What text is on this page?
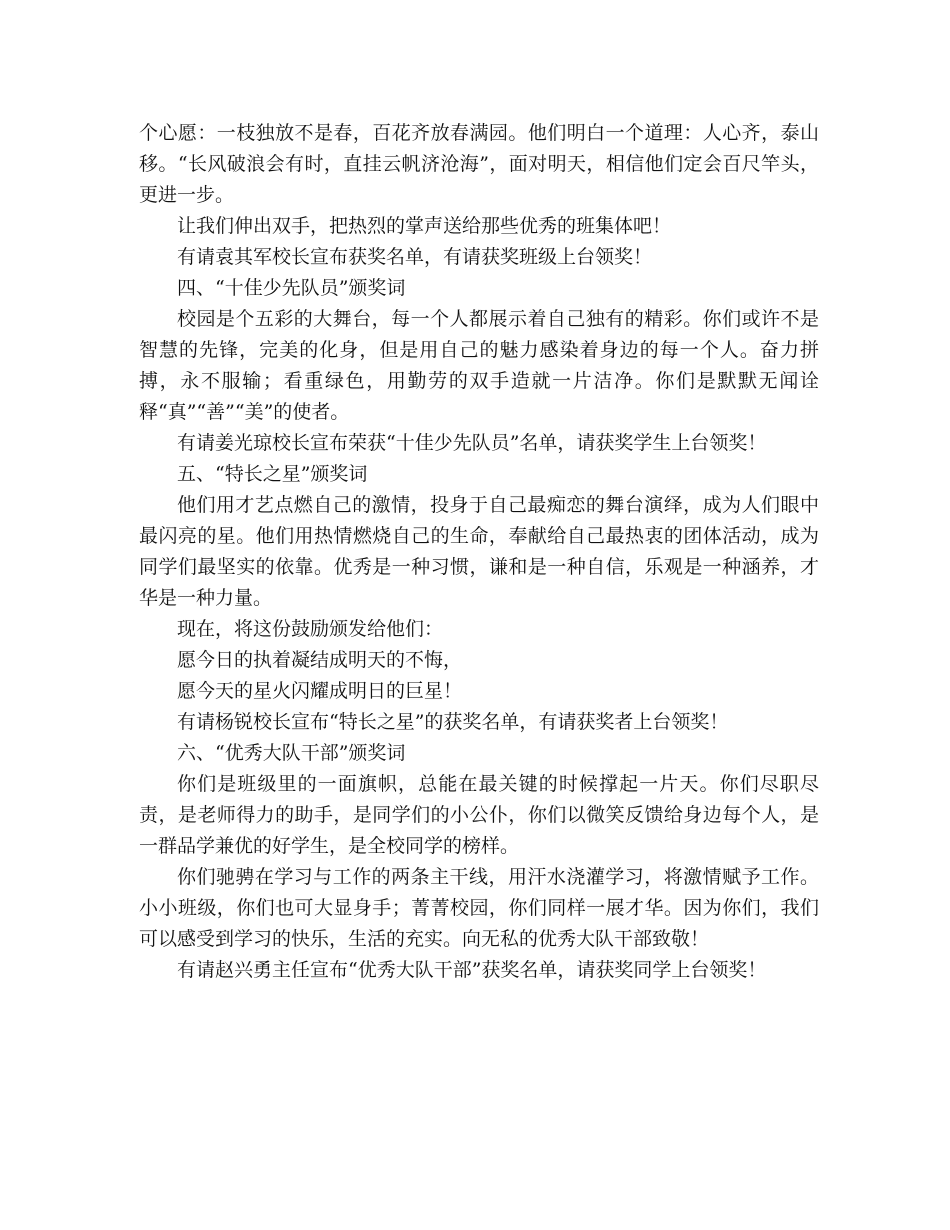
个心愿：一枝独放不是春，百花齐放春满园。他们明白一个道理：人心齐，泰山移。“长风破浪会有时，直挂云帆济沧海”，面对明天，相信他们定会百尺竿头，更进一步。

让我们伸出双手，把热烈的掌声送给那些优秀的班集体吧！

有请袁其军校长宣布获奖名单，有请获奖班级上台领奖！

四、“十佳少先队员”颁奖词

校园是个五彩的大舞台，每一个人都展示着自己独有的精彩。你们或许不是智慧的先锋，完美的化身，但是用自己的魅力感染着身边的每一个人。奋力拼搏，永不服输；看重绿色，用勤劳的双手造就一片洁净。你们是默默无闻诠释“真”“善”“美”的使者。

有请姜光琼校长宣布荣获“十佳少先队员”名单，请获奖学生上台领奖！

五、“特长之星”颁奖词

他们用才艺点燃自己的激情，投身于自己最痴恋的舞台演绎，成为人们眼中最闪亮的星。他们用热情燃烧自己的生命，奉献给自己最热衷的团体活动，成为同学们最坚实的依靠。优秀是一种习惯，谦和是一种自信，乐观是一种涵养，才华是一种力量。

现在，将这份鼓励颁发给他们：

愿今日的执着凝结成明天的不悔，

愿今天的星火闪耀成明日的巨星！

有请杨锐校长宣布“特长之星”的获奖名单，有请获奖者上台领奖！

六、“优秀大队干部”颁奖词

你们是班级里的一面旗帜，总能在最关键的时候撑起一片天。你们尽职尽责，是老师得力的助手，是同学们的小公仆，你们以微笑反馈给身边每个人，是一群品学兼优的好学生，是全校同学的榜样。

你们驰骋在学习与工作的两条主干线，用汗水浇灌学习，将激情赋予工作。小小班级，你们也可大显身手；菁菁校园，你们同样一展才华。因为你们，我们可以感受到学习的快乐，生活的充实。向无私的优秀大队干部致敬！

有请赵兴勇主任宣布“优秀大队干部”获奖名单，请获奖同学上台领奖！
